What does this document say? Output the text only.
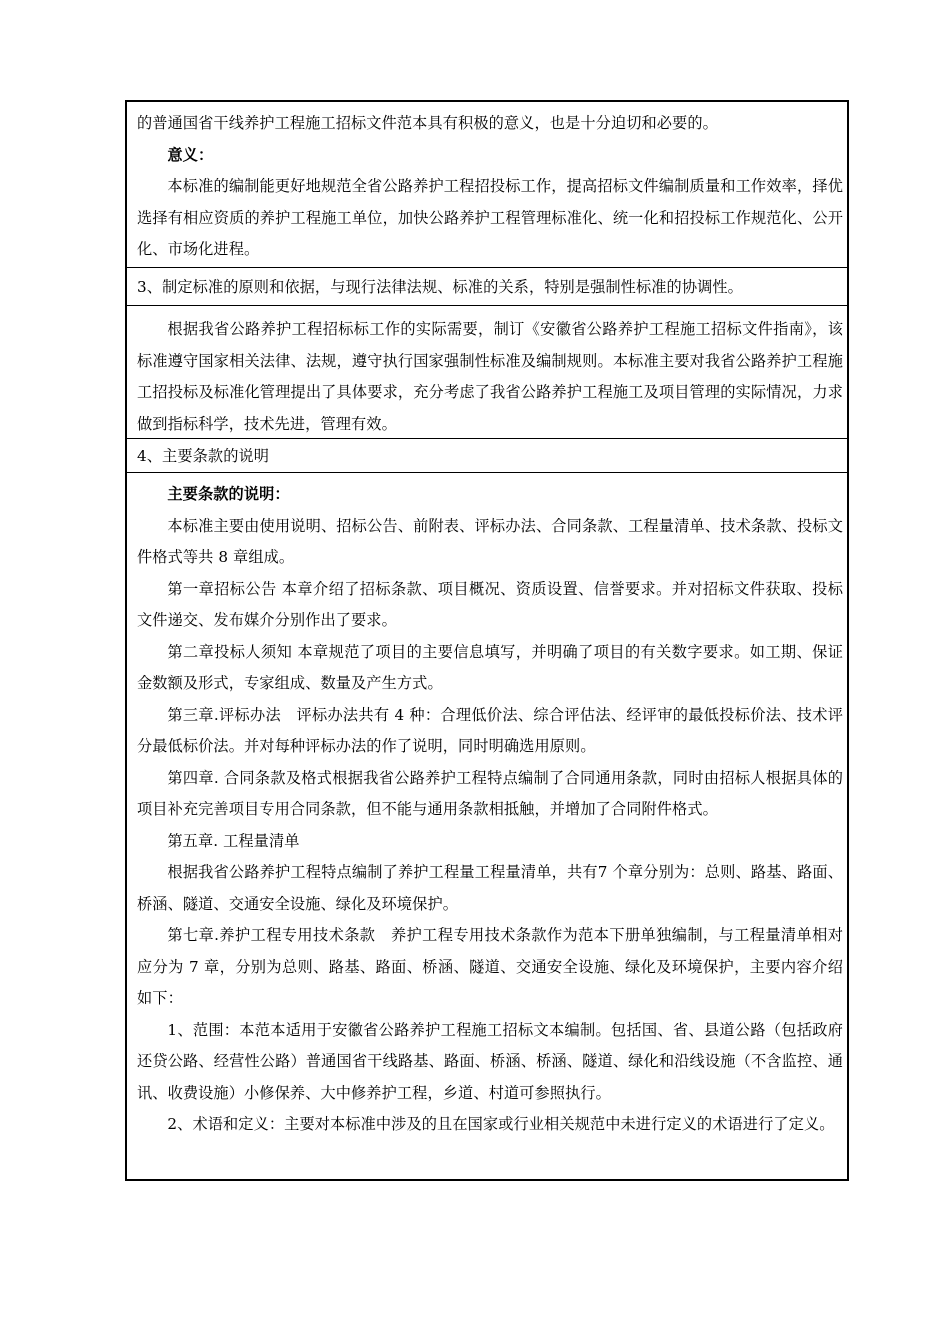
的普通国省干线养护工程施工招标文件范本具有积极的意义，也是十分迫切和必要的。

意义：

本标准的编制能更好地规范全省公路养护工程招投标工作，提高招标文件编制质量和工作效率，择优选择有相应资质的养护工程施工单位，加快公路养护工程管理标准化、统一化和招投标工作规范化、公开化、市场化进程。

3、制定标准的原则和依据，与现行法律法规、标准的关系，特别是强制性标准的协调性。

根据我省公路养护工程招标标工作的实际需要，制订《安徽省公路养护工程施工招标文件指南》，该标准遵守国家相关法律、法规，遵守执行国家强制性标准及编制规则。本标准主要对我省公路养护工程施工招投标及标准化管理提出了具体要求，充分考虑了我省公路养护工程施工及项目管理的实际情况，力求做到指标科学，技术先进，管理有效。

4、主要条款的说明

主要条款的说明：

本标准主要由使用说明、招标公告、前附表、评标办法、合同条款、工程量清单、技术条款、投标文件格式等共 8 章组成。

第一章招标公告 本章介绍了招标条款、项目概况、资质设置、信誉要求。并对招标文件获取、投标文件递交、发布媒介分别作出了要求。

第二章投标人须知 本章规范了项目的主要信息填写，并明确了项目的有关数字要求。如工期、保证金数额及形式，专家组成、数量及产生方式。

第三章.评标办法　评标办法共有 4 种：合理低价法、综合评估法、经评审的最低投标价法、技术评分最低标价法。并对每种评标办法的作了说明，同时明确选用原则。

第四章. 合同条款及格式根据我省公路养护工程特点编制了合同通用条款，同时由招标人根据具体的项目补充完善项目专用合同条款，但不能与通用条款相抵触，并增加了合同附件格式。

第五章. 工程量清单

根据我省公路养护工程特点编制了养护工程量工程量清单，共有7 个章分别为：总则、路基、路面、桥涵、隧道、交通安全设施、绿化及环境保护。

第七章.养护工程专用技术条款　养护工程专用技术条款作为范本下册单独编制，与工程量清单相对应分为 7 章，分别为总则、路基、路面、桥涵、隧道、交通安全设施、绿化及环境保护，主要内容介绍如下：

1、范围：本范本适用于安徽省公路养护工程施工招标文本编制。包括国、省、县道公路（包括政府还贷公路、经营性公路）普通国省干线路基、路面、桥涵、桥涵、隧道、绿化和沿线设施（不含监控、通讯、收费设施）小修保养、大中修养护工程，乡道、村道可参照执行。

2、术语和定义：主要对本标准中涉及的且在国家或行业相关规范中未进行定义的术语进行了定义。
